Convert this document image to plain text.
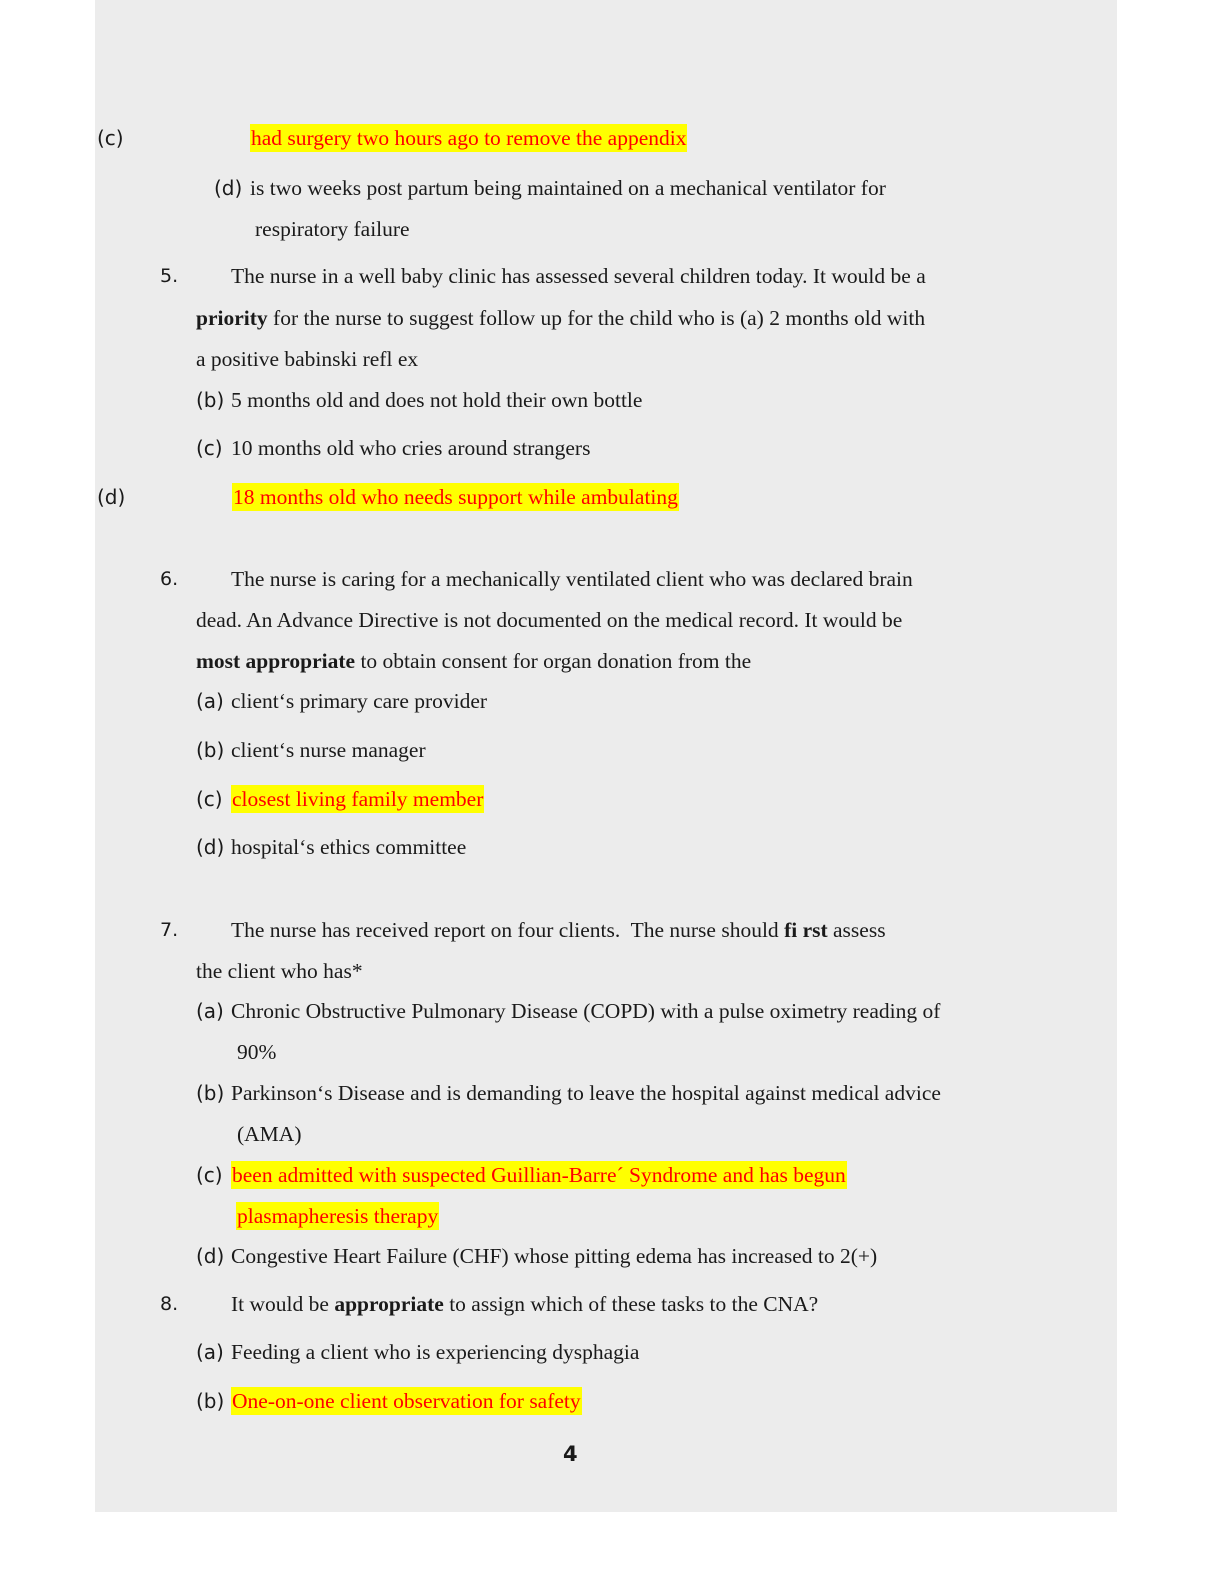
(c)	had surgery two hours ago to remove the appendix
(d) is two weeks post partum being maintained on a mechanical ventilator for
respiratory failure
5. The nurse in a well baby clinic has assessed several children today. It would be a
priority for the nurse to suggest follow up for the child who is (a) 2 months old with
a positive babinski refl ex
(b) 5 months old and does not hold their own bottle
(c) 10 months old who cries around strangers
(d)	18 months old who needs support while ambulating
6. The nurse is caring for a mechanically ventilated client who was declared brain
dead. An Advance Directive is not documented on the medical record. It would be
most appropriate to obtain consent for organ donation from the
(a) client‘s primary care provider
(b) client‘s nurse manager
(c) closest living family member
(d) hospital‘s ethics committee
7. The nurse has received report on four clients.  The nurse should fi rst assess
the client who has*
(a) Chronic Obstructive Pulmonary Disease (COPD) with a pulse oximetry reading of
90%
(b) Parkinson‘s Disease and is demanding to leave the hospital against medical advice
(AMA)
(c) been admitted with suspected Guillian-Barre´ Syndrome and has begun
plasmapheresis therapy
(d) Congestive Heart Failure (CHF) whose pitting edema has increased to 2(+)
8. It would be appropriate to assign which of these tasks to the CNA?
(a) Feeding a client who is experiencing dysphagia
(b) One-on-one client observation for safety
4
